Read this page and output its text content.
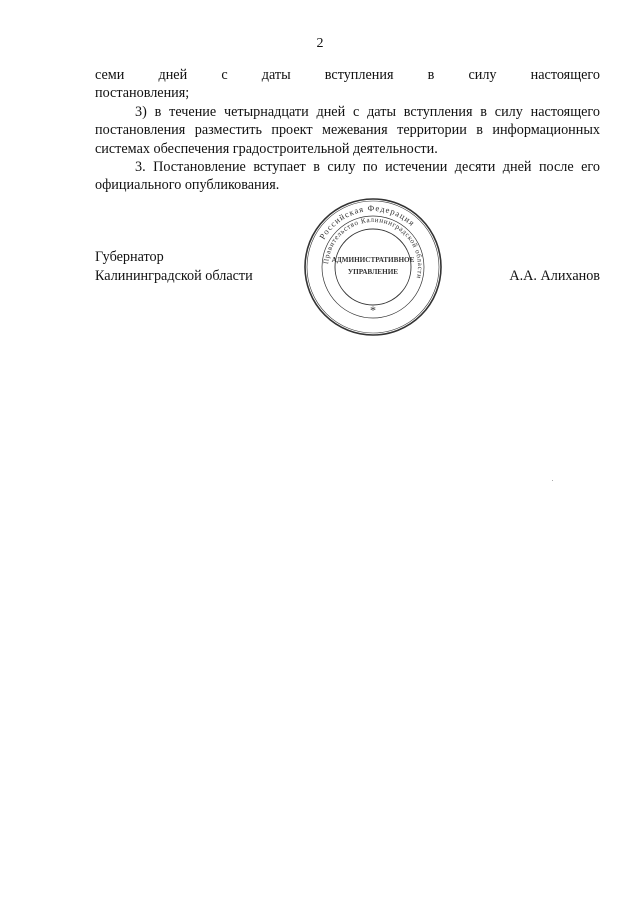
2

семи дней с даты вступления в силу настоящего

постановления;

3) в течение четырнадцати дней с даты вступления в силу настоящего постановления разместить проект межевания территории в информационных системах обеспечения градостроительной деятельности.

3. Постановление вступает в силу по истечении десяти дней после его официального опубликования.

Губернатор
Калининградской области
Российская Федерация
Правительство Калининградской области
АДМИНИСТРАТИВНОЕ
УПРАВЛЕНИЕ
*
А.А. Алиханов
